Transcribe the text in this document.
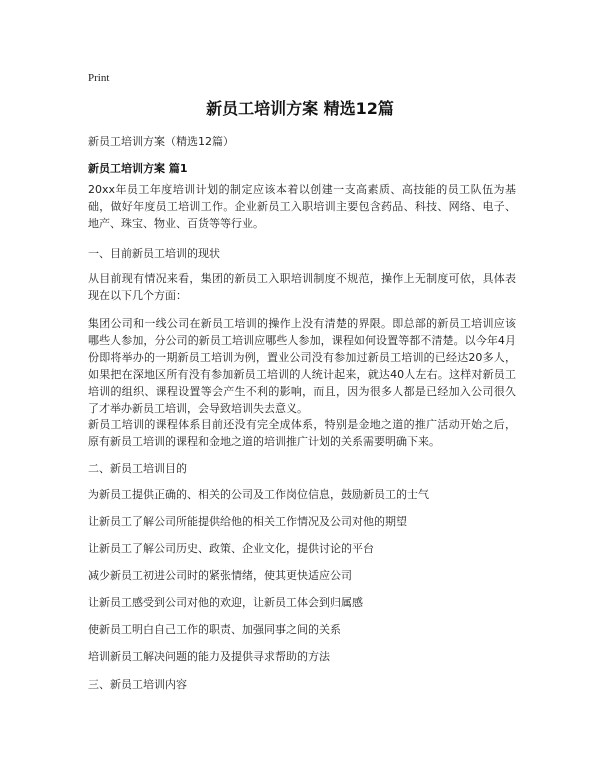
Print
新员工培训方案 精选12篇
新员工培训方案（精选12篇）
新员工培训方案 篇1
20xx年员工年度培训计划的制定应该本着以创建一支高素质、高技能的员工队伍为基础，做好年度员工培训工作。企业新员工入职培训主要包含药品、科技、网络、电子、地产、珠宝、物业、百货等等行业。
一、目前新员工培训的现状
从目前现有情况来看，集团的新员工入职培训制度不规范，操作上无制度可依，具体表现在以下几个方面：
集团公司和一线公司在新员工培训的操作上没有清楚的界限。即总部的新员工培训应该哪些人参加，分公司的新员工培训应哪些人参加，课程如何设置等都不清楚。以今年4月份即将举办的一期新员工培训为例，置业公司没有参加过新员工培训的已经达20多人，如果把在深地区所有没有参加新员工培训的人统计起来，就达40人左右。这样对新员工培训的组织、课程设置等会产生不利的影响，而且，因为很多人都是已经加入公司很久了才举办新员工培训，会导致培训失去意义。
新员工培训的课程体系目前还没有完全成体系，特别是金地之道的推广活动开始之后，原有新员工培训的课程和金地之道的培训推广计划的关系需要明确下来。
二、新员工培训目的
为新员工提供正确的、相关的公司及工作岗位信息，鼓励新员工的士气
让新员工了解公司所能提供给他的相关工作情况及公司对他的期望
让新员工了解公司历史、政策、企业文化，提供讨论的平台
减少新员工初进公司时的紧张情绪，使其更快适应公司
让新员工感受到公司对他的欢迎，让新员工体会到归属感
使新员工明白自己工作的职责、加强同事之间的关系
培训新员工解决问题的能力及提供寻求帮助的方法
三、新员工培训内容
